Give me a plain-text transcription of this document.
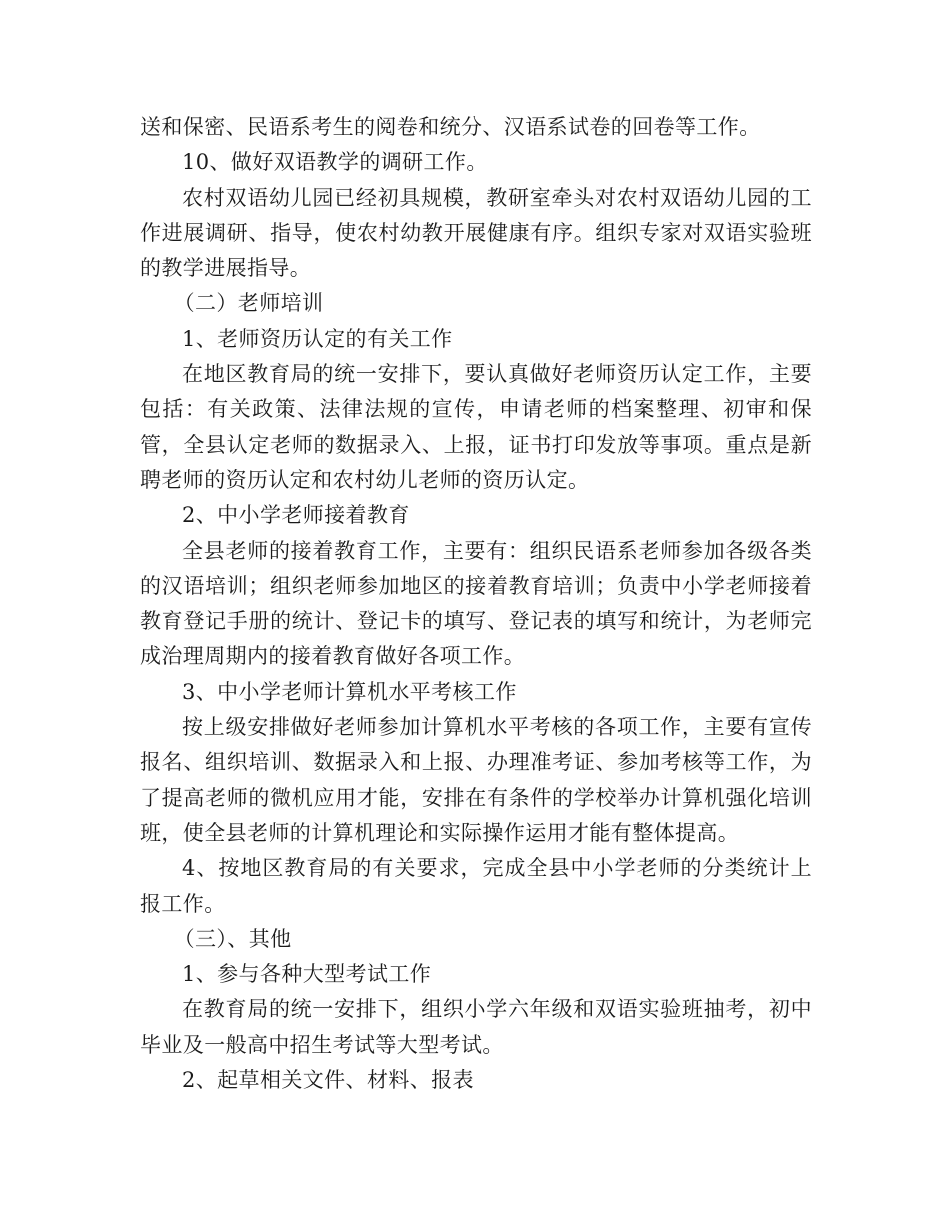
送和保密、民语系考生的阅卷和统分、汉语系试卷的回卷等工作。

10、做好双语教学的调研工作。

农村双语幼儿园已经初具规模，教研室牵头对农村双语幼儿园的工作进展调研、指导，使农村幼教开展健康有序。组织专家对双语实验班的教学进展指导。

（二）老师培训

1、老师资历认定的有关工作

在地区教育局的统一安排下，要认真做好老师资历认定工作，主要包括：有关政策、法律法规的宣传，申请老师的档案整理、初审和保管，全县认定老师的数据录入、上报，证书打印发放等事项。重点是新聘老师的资历认定和农村幼儿老师的资历认定。

2、中小学老师接着教育

全县老师的接着教育工作，主要有：组织民语系老师参加各级各类的汉语培训；组织老师参加地区的接着教育培训；负责中小学老师接着教育登记手册的统计、登记卡的填写、登记表的填写和统计，为老师完成治理周期内的接着教育做好各项工作。

3、中小学老师计算机水平考核工作

按上级安排做好老师参加计算机水平考核的各项工作，主要有宣传报名、组织培训、数据录入和上报、办理准考证、参加考核等工作，为了提高老师的微机应用才能，安排在有条件的学校举办计算机强化培训班，使全县老师的计算机理论和实际操作运用才能有整体提高。

4、按地区教育局的有关要求，完成全县中小学老师的分类统计上报工作。

（三）、其他

1、参与各种大型考试工作

在教育局的统一安排下，组织小学六年级和双语实验班抽考，初中毕业及一般高中招生考试等大型考试。

2、起草相关文件、材料、报表
